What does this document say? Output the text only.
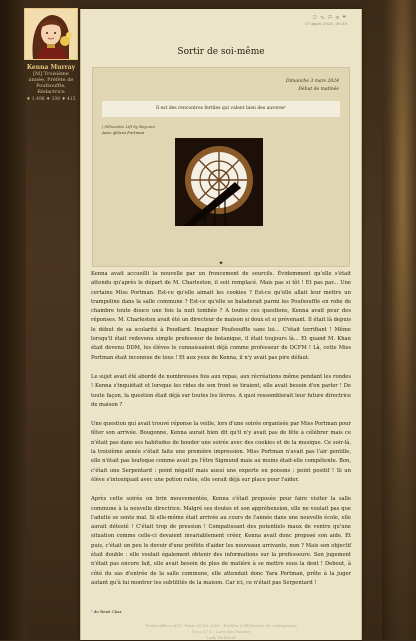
Kenna Murray
[M] Troisième
année, Préfète de
Poufsouffle,
Rédactrice
♦ 1.498 ♦ 208 ♦ 415
⎋ ✎ ⚐ ✉ ❝
27 mars 2026, 00:30
Sortir de soi-même
Dimanche 3 mars 2024
Début de matinée
Il est des rencontres fertiles qui valent bien des aurores¹
| Silhouette Lift by Beyoncé
Avec @Yara Portman
✦

Kenna avait accueilli la nouvelle par un froncement de sourcils. Évidemment qu'elle s'était attendu qu'après le départ de M. Charleston, il soit remplacé. Mais pas si tôt ! Et pas par... Une certaine Miss Portman. Est-ce qu'elle aimait les cookies ? Est-ce qu'elle allait leur mettre un trampoline dans la salle commune ? Est-ce qu'elle se baladerait parmi les Poufsouffle en robe de chambre toute douce une fois la nuit tombée ? A toutes ces questions, Kenna avait peur des réponses. M. Charleston avait été un directeur de maison si doux et si prévenant. Il était là depuis le début de sa scolarité à Poudlard. Imaginer Poufsouffle sans lui… C'était terrifiant ! Même lorsqu'il était redevenu simple professeur de botanique, il était toujours là... Et quand M. Khan était devenu DDM, les élèves le connaissaient déjà comme professeur de DCFM ! Là, cette Miss Portman était inconnue de tous ! Et aux yeux de Kenna, il n'y avait pas pire défaut.

Le sujet avait été abordé de nombreuses fois aux repas, aux récréations même pendant les rondes ! Kenna s'inquiétait et lorsque les rides de son front se tiraient, elle avait besoin d'en parler ! De toute façon, la question était déjà sur toutes les lèvres. A quoi ressemblerait leur future directrice de maison ?

Une question qui avait trouvé réponse la veille, lors d'une soirée organisée par Miss Portman pour fêter son arrivée. Bougonne, Kenna aurait bien dit qu'il n'y avait pas de fête à célébrer mais ce n'était pas dans ses habitudes de bouder une soirée avec des cookies et de la musique. Ce soir-là, la troisième année s'était faite une première impression. Miss Portman n'avait pas l'air gentille, elle n'était pas loufoque comme avait pu l'être Sigmund mais au moins était-elle compétente. Bon, c'était une Serpentard : point négatif mais aussi une experte en poisons : point positif ! Si un élève s'intoxiquait avec une potion ratée, elle serait déjà sur place pour l'aider.

Après cette soirée un brin mouvementée, Kenna s'était proposée pour faire visiter la salle commune à la nouvelle directrice. Malgré ses doutes et son appréhension, elle ne voulait pas que l'adulte se sente mal. Si elle-même était arrivée au cours de l'année dans une nouvelle école, elle aurait détesté ! C'était trop de pression ! Compatissant des potentiels maux de ventre qu'une situation comme celle-ci devaient invariablement créer, Kenna avait donc proposé son aide. Et puis, c'était un peu le devoir d'une préfète d'aider les nouveaux arrivants, non ? Mais son objectif était double : elle voulait également obtenir des informations sur la professeure. Son jugement n'était pas encore fait, elle avait besoin de plus de matière à se mettre sous la dent ! Debout, à côté du sas d'entrée de la salle commune, elle attendait donc Yara Portman, prête à la juger autant qu'à lui montrer les subtilités de la maison. Car ici, ce n'était pas Serpentard !

¹ de René Char
Poufsouffle·ics[Z] - Poste 20.49 2049 - Préfète (cliff Bogus) de ce/bog/xsisp
Il y a 17 h - Liste des Posters
Lady BirdWulf
